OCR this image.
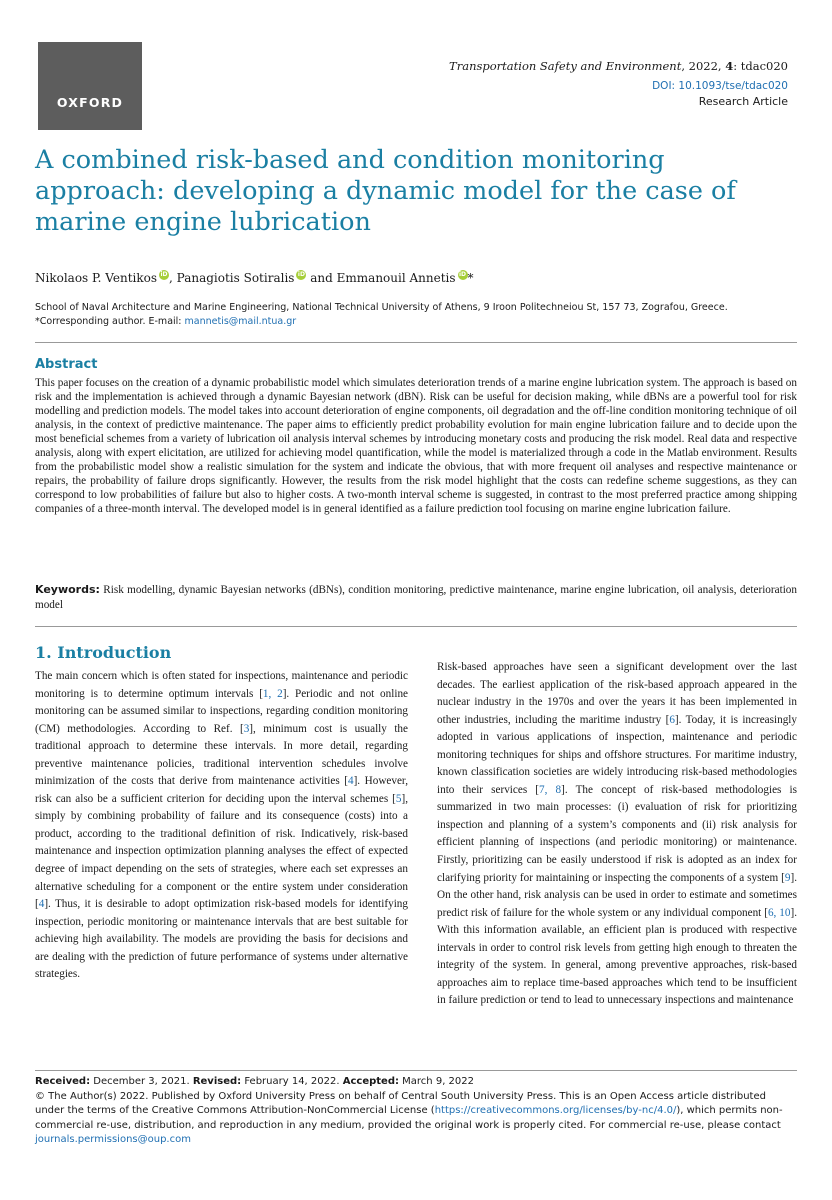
OXFORD
Transportation Safety and Environment, 2022, 4: tdac020
DOI: 10.1093/tse/tdac020
Research Article
A combined risk-based and condition monitoring approach: developing a dynamic model for the case of marine engine lubrication
Nikolaos P. Ventikos iD, Panagiotis Sotiralis iD and Emmanouil Annetis iD*
School of Naval Architecture and Marine Engineering, National Technical University of Athens, 9 Iroon Politechneiou St, 157 73, Zografou, Greece.
*Corresponding author. E-mail: mannetis@mail.ntua.gr
Abstract
This paper focuses on the creation of a dynamic probabilistic model which simulates deterioration trends of a marine engine lubrication system. The approach is based on risk and the implementation is achieved through a dynamic Bayesian network (dBN). Risk can be useful for decision making, while dBNs are a powerful tool for risk modelling and prediction models. The model takes into account deterioration of engine components, oil degradation and the off-line condition monitoring technique of oil analysis, in the context of predictive maintenance. The paper aims to efficiently predict probability evolution for main engine lubrication failure and to decide upon the most beneficial schemes from a variety of lubrication oil analysis interval schemes by introducing monetary costs and producing the risk model. Real data and respective analysis, along with expert elicitation, are utilized for achieving model quantification, while the model is materialized through a code in the Matlab environment. Results from the probabilistic model show a realistic simulation for the system and indicate the obvious, that with more frequent oil analyses and respective maintenance or repairs, the probability of failure drops significantly. However, the results from the risk model highlight that the costs can redefine scheme suggestions, as they can correspond to low probabilities of failure but also to higher costs. A two-month interval scheme is suggested, in contrast to the most preferred practice among shipping companies of a three-month interval. The developed model is in general identified as a failure prediction tool focusing on marine engine lubrication failure.
Keywords: Risk modelling, dynamic Bayesian networks (dBNs), condition monitoring, predictive maintenance, marine engine lubrication, oil analysis, deterioration model
1. Introduction
The main concern which is often stated for inspections, maintenance and periodic monitoring is to determine optimum intervals [1, 2]. Periodic and not online monitoring can be assumed similar to inspections, regarding condition monitoring (CM) methodologies. According to Ref. [3], minimum cost is usually the traditional approach to determine these intervals. In more detail, regarding preventive maintenance policies, traditional intervention schedules involve minimization of the costs that derive from maintenance activities [4]. However, risk can also be a sufficient criterion for deciding upon the interval schemes [5], simply by combining probability of failure and its consequence (costs) into a product, according to the traditional definition of risk. Indicatively, risk-based maintenance and inspection optimization planning analyses the effect of expected degree of impact depending on the sets of strategies, where each set expresses an alternative scheduling for a component or the entire system under consideration [4]. Thus, it is desirable to adopt optimization risk-based models for identifying inspection, periodic monitoring or maintenance intervals that are best suitable for achieving high availability. The models are providing the basis for decisions and are dealing with the prediction of future performance of systems under alternative strategies.
Risk-based approaches have seen a significant development over the last decades. The earliest application of the risk-based approach appeared in the nuclear industry in the 1970s and over the years it has been implemented in other industries, including the maritime industry [6]. Today, it is increasingly adopted in various applications of inspection, maintenance and periodic monitoring techniques for ships and offshore structures. For maritime industry, known classification societies are widely introducing risk-based methodologies into their services [7, 8]. The concept of risk-based methodologies is summarized in two main processes: (i) evaluation of risk for prioritizing inspection and planning of a system’s components and (ii) risk analysis for efficient planning of inspections (and periodic monitoring) or maintenance. Firstly, prioritizing can be easily understood if risk is adopted as an index for clarifying priority for maintaining or inspecting the components of a system [9]. On the other hand, risk analysis can be used in order to estimate and sometimes predict risk of failure for the whole system or any individual component [6, 10]. With this information available, an efficient plan is produced with respective intervals in order to control risk levels from getting high enough to threaten the integrity of the system. In general, among preventive approaches, risk-based approaches aim to replace time-based approaches which tend to be insufficient in failure prediction or tend to lead to unnecessary inspections and maintenance
Received: December 3, 2021. Revised: February 14, 2022. Accepted: March 9, 2022
© The Author(s) 2022. Published by Oxford University Press on behalf of Central South University Press. This is an Open Access article distributed under the terms of the Creative Commons Attribution-NonCommercial License (https://creativecommons.org/licenses/by-nc/4.0/), which permits non-commercial re-use, distribution, and reproduction in any medium, provided the original work is properly cited. For commercial re-use, please contact journals.permissions@oup.com
